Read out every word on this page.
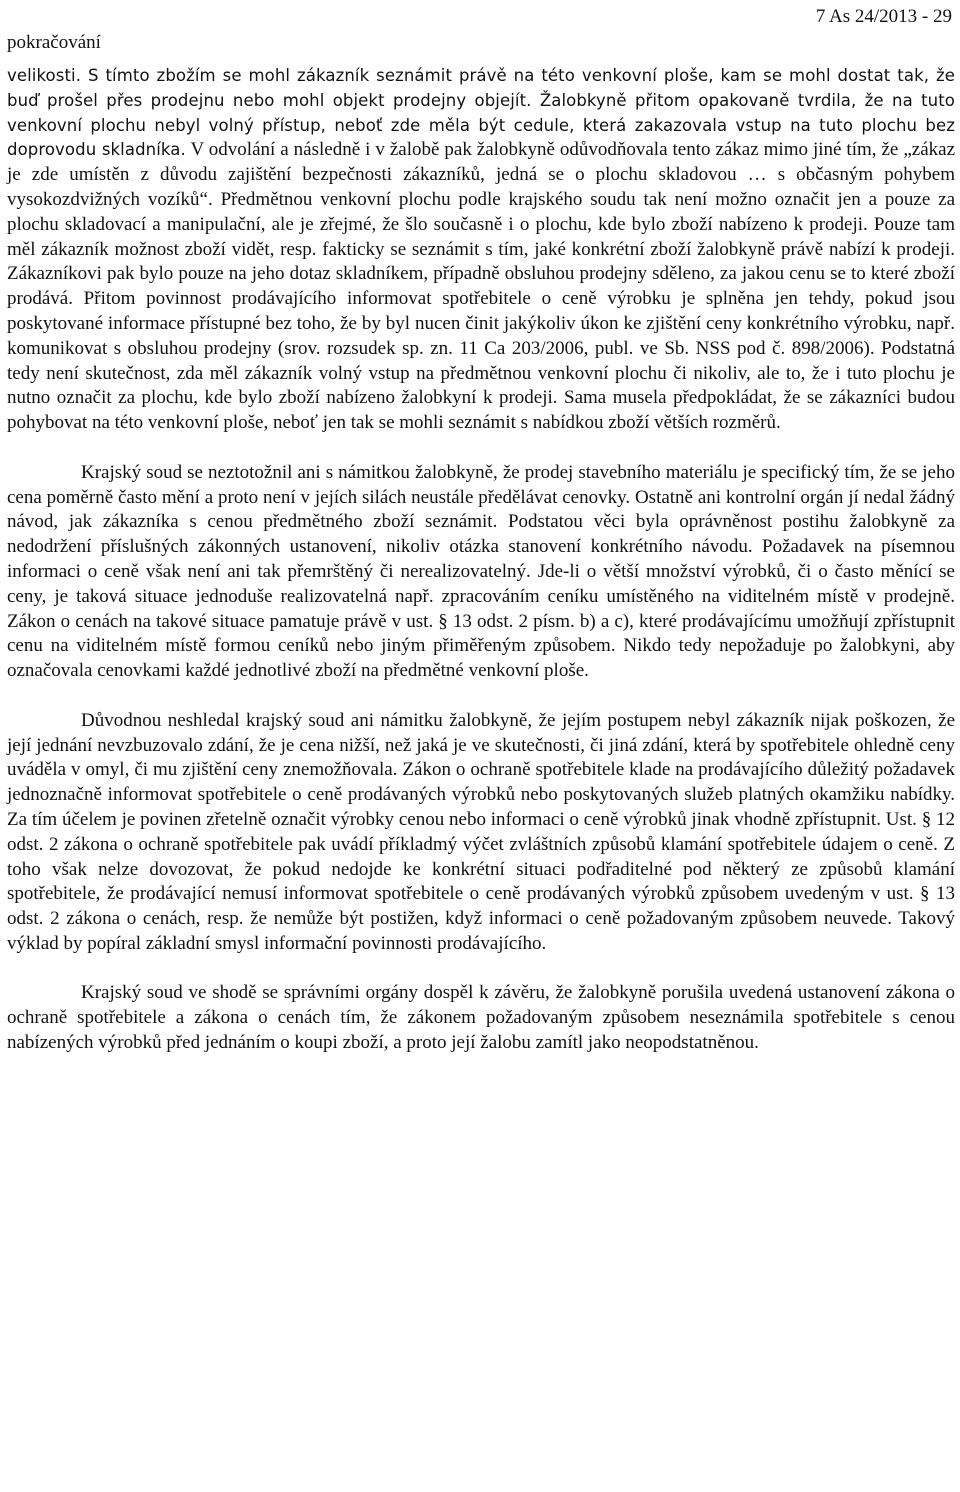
7 As 24/2013 - 29
pokračování

velikosti. S tímto zbožím se mohl zákazník seznámit právě na této venkovní ploše, kam se mohl dostat tak, že buď prošel přes prodejnu nebo mohl objekt prodejny objejít. Žalobkyně přitom opakovaně tvrdila, že na tuto venkovní plochu nebyl volný přístup, neboť zde měla být cedule, která zakazovala vstup na tuto plochu bez doprovodu skladníka. V odvolání a následně i v žalobě pak žalobkyně odůvodňovala tento zákaz mimo jiné tím, že „zákaz je zde umístěn z důvodu zajištění bezpečnosti zákazníků, jedná se o plochu skladovou … s občasným pohybem vysokozdvižných vozíků“. Předmětnou venkovní plochu podle krajského soudu tak není možno označit jen a pouze za plochu skladovací a manipulační, ale je zřejmé, že šlo současně i o plochu, kde bylo zboží nabízeno k prodeji. Pouze tam měl zákazník možnost zboží vidět, resp. fakticky se seznámit s tím, jaké konkrétní zboží žalobkyně právě nabízí k prodeji. Zákazníkovi pak bylo pouze na jeho dotaz skladníkem, případně obsluhou prodejny sděleno, za jakou cenu se to které zboží prodává. Přitom povinnost prodávajícího informovat spotřebitele o ceně výrobku je splněna jen tehdy, pokud jsou poskytované informace přístupné bez toho, že by byl nucen činit jakýkoliv úkon ke zjištění ceny konkrétního výrobku, např. komunikovat s obsluhou prodejny (srov. rozsudek sp. zn. 11 Ca 203/2006, publ. ve Sb. NSS pod č. 898/2006). Podstatná tedy není skutečnost, zda měl zákazník volný vstup na předmětnou venkovní plochu či nikoliv, ale to, že i tuto plochu je nutno označit za plochu, kde bylo zboží nabízeno žalobkyní k prodeji. Sama musela předpokládat, že se zákazníci budou pohybovat na této venkovní ploše, neboť jen tak se mohli seznámit s nabídkou zboží větších rozměrů.

Krajský soud se neztotožnil ani s námitkou žalobkyně, že prodej stavebního materiálu je specifický tím, že se jeho cena poměrně často mění a proto není v jejích silách neustále předělávat cenovky. Ostatně ani kontrolní orgán jí nedal žádný návod, jak zákazníka s cenou předmětného zboží seznámit. Podstatou věci byla oprávněnost postihu žalobkyně za nedodržení příslušných zákonných ustanovení, nikoliv otázka stanovení konkrétního návodu. Požadavek na písemnou informaci o ceně však není ani tak přemrštěný či nerealizovatelný. Jde-li o větší množství výrobků, či o často měnící se ceny, je taková situace jednoduše realizovatelná např. zpracováním ceníku umístěného na viditelném místě v prodejně. Zákon o cenách na takové situace pamatuje právě v ust. § 13 odst. 2 písm. b) a c), které prodávajícímu umožňují zpřístupnit cenu na viditelném místě formou ceníků nebo jiným přiměřeným způsobem. Nikdo tedy nepožaduje po žalobkyni, aby označovala cenovkami každé jednotlivé zboží na předmětné venkovní ploše.

Důvodnou neshledal krajský soud ani námitku žalobkyně, že jejím postupem nebyl zákazník nijak poškozen, že její jednání nevzbuzovalo zdání, že je cena nižší, než jaká je ve skutečnosti, či jiná zdání, která by spotřebitele ohledně ceny uváděla v omyl, či mu zjištění ceny znemožňovala. Zákon o ochraně spotřebitele klade na prodávajícího důležitý požadavek jednoznačně informovat spotřebitele o ceně prodávaných výrobků nebo poskytovaných služeb platných okamžiku nabídky. Za tím účelem je povinen zřetelně označit výrobky cenou nebo informaci o ceně výrobků jinak vhodně zpřístupnit. Ust. § 12 odst. 2 zákona o ochraně spotřebitele pak uvádí příkladmý výčet zvláštních způsobů klamání spotřebitele údajem o ceně. Z toho však nelze dovozovat, že pokud nedojde ke konkrétní situaci podřaditelné pod některý ze způsobů klamání spotřebitele, že prodávající nemusí informovat spotřebitele o ceně prodávaných výrobků způsobem uvedeným v ust. § 13 odst. 2 zákona o cenách, resp. že nemůže být postižen, když informaci o ceně požadovaným způsobem neuvede. Takový výklad by popíral základní smysl informační povinnosti prodávajícího.

Krajský soud ve shodě se správními orgány dospěl k závěru, že žalobkyně porušila uvedená ustanovení zákona o ochraně spotřebitele a zákona o cenách tím, že zákonem požadovaným způsobem neseznámila spotřebitele s cenou nabízených výrobků před jednáním o koupi zboží, a proto její žalobu zamítl jako neopodstatněnou.
